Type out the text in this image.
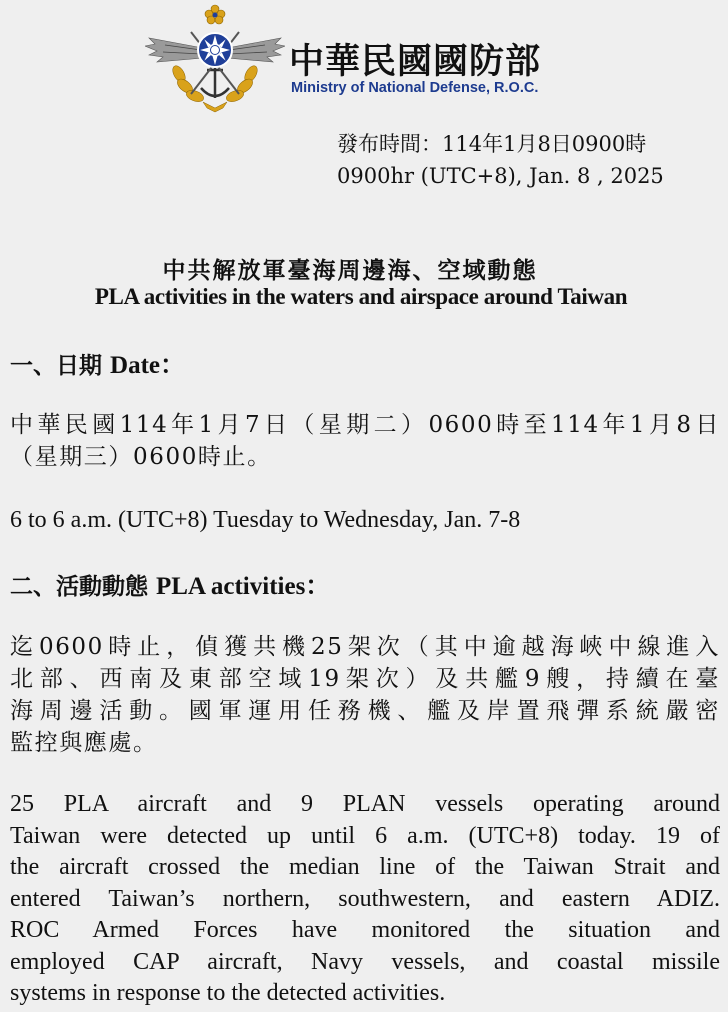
中華民國國防部
Ministry of National Defense, R.O.C.
發布時間：114年1月8日0900時
0900hr (UTC+8), Jan. 8 , 2025
中共解放軍臺海周邊海、空域動態
PLA activities in the waters and airspace around Taiwan
一、日期 Date：
中華民國114年1月7日（星期二）0600時至114年1月8日
（星期三）0600時止。
6 to 6 a.m. (UTC+8) Tuesday to Wednesday, Jan. 7-8
二、活動動態 PLA activities：
迄0600時止，偵獲共機25架次（其中逾越海峽中線進入
北部、西南及東部空域19架次）及共艦9艘，持續在臺
海周邊活動。國軍運用任務機、艦及岸置飛彈系統嚴密
監控與應處。
25 PLA aircraft and 9 PLAN vessels operating around
Taiwan were detected up until 6 a.m. (UTC+8) today. 19 of
the aircraft crossed the median line of the Taiwan Strait and
entered Taiwan’s northern, southwestern, and eastern ADIZ.
ROC Armed Forces have monitored the situation and
employed CAP aircraft, Navy vessels, and coastal missile
systems in response to the detected activities.
